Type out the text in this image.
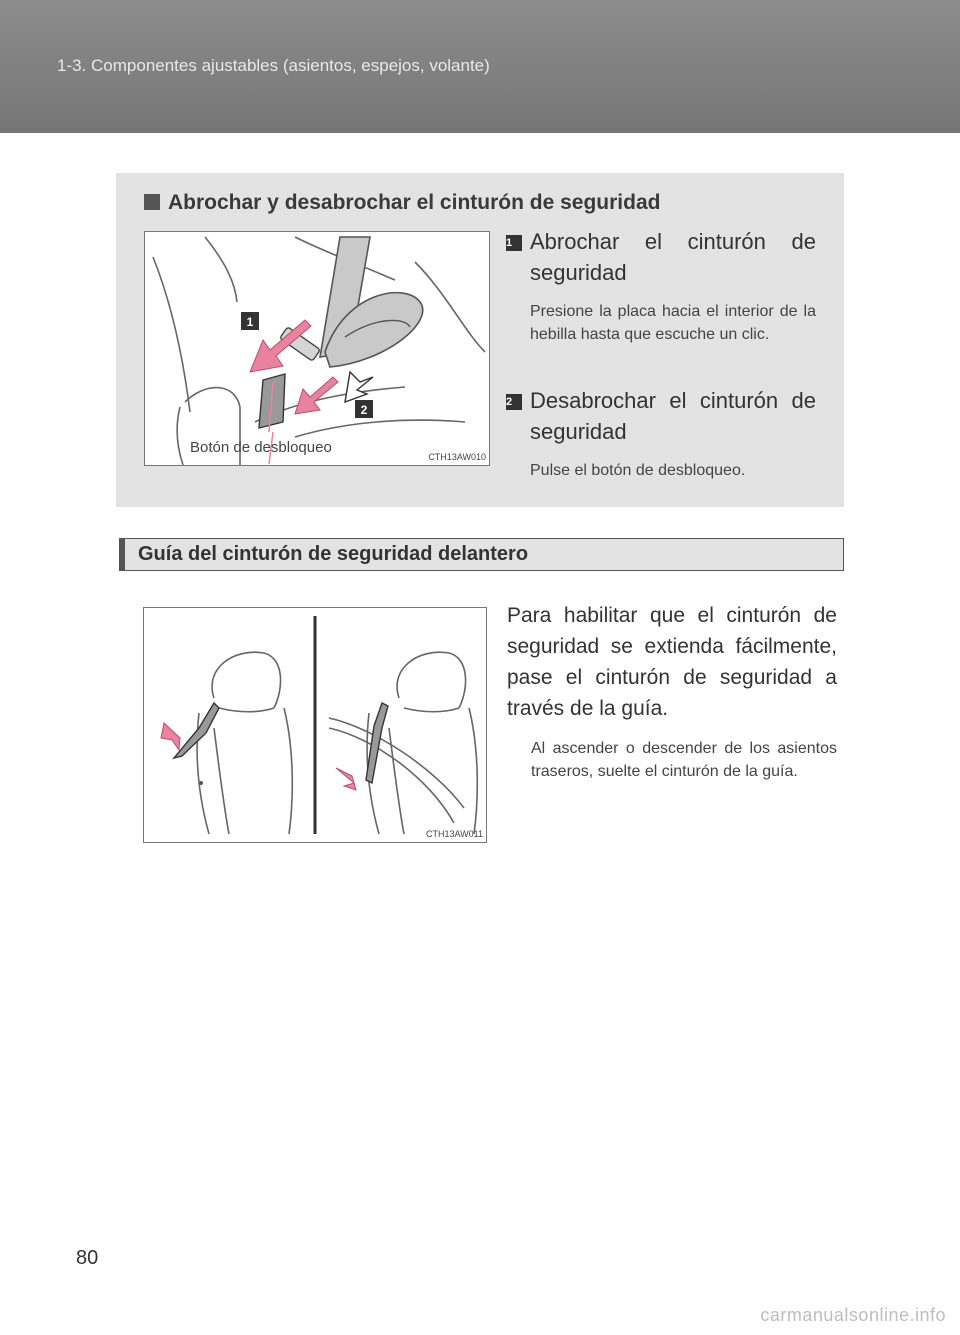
1-3. Componentes ajustables (asientos, espejos, volante)
Abrochar y desabrochar el cinturón de seguridad
1
2
Botón de desbloqueo
CTH13AW010
1 Abrochar el cinturón de
seguridad
Presione la placa hacia el interior de la hebilla hasta que escuche un clic.
2 Desabrochar el cinturón de
seguridad
Pulse el botón de desbloqueo.
Guía del cinturón de seguridad delantero
CTH13AW011
Para habilitar que el cinturón de seguridad se extienda fácilmente, pase el cinturón de seguridad a través de la guía.
Al ascender o descender de los asientos traseros, suelte el cinturón de la guía.
80
carmanualsonline.info
